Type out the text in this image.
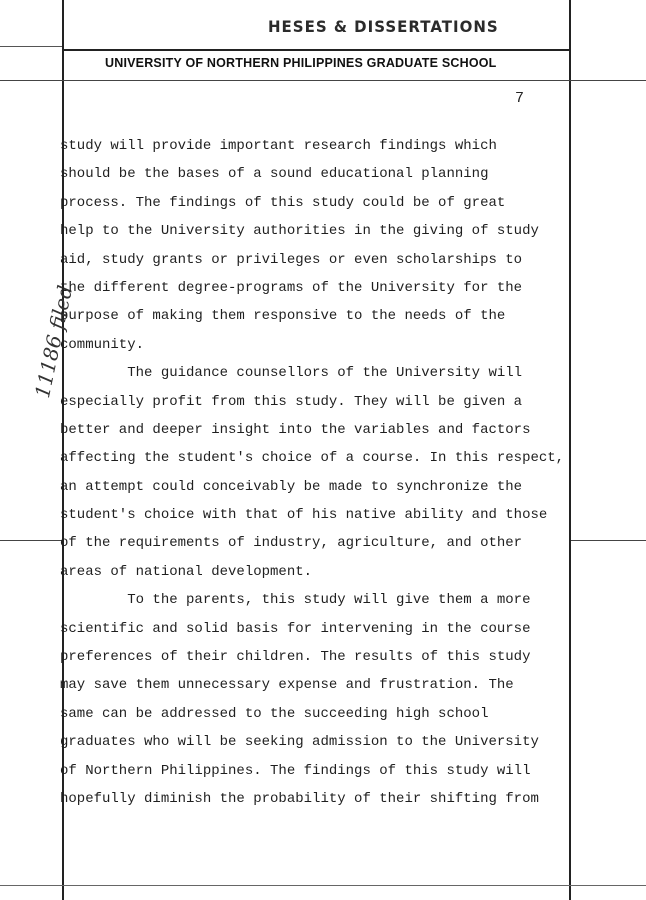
HESES & DISSERTATIONS
UNIVERSITY OF NORTHERN PHILIPPINES GRADUATE SCHOOL
7
11186 filed
study will provide important research findings which
should be the bases of a sound educational planning
process. The findings of this study could be of great
help to the University authorities in the giving of study
aid, study grants or privileges or even scholarships to
the different degree-programs of the University for the
purpose of making them responsive to the needs of the
community.
The guidance counsellors of the University will
especially profit from this study. They will be given a
better and deeper insight into the variables and factors
affecting the student's choice of a course. In this respect,
an attempt could conceivably be made to synchronize the
student's choice with that of his native ability and those
of the requirements of industry, agriculture, and other
areas of national development.
To the parents, this study will give them a more
scientific and solid basis for intervening in the course
preferences of their children. The results of this study
may save them unnecessary expense and frustration. The
same can be addressed to the succeeding high school
graduates who will be seeking admission to the University
of Northern Philippines. The findings of this study will
hopefully diminish the probability of their shifting from
